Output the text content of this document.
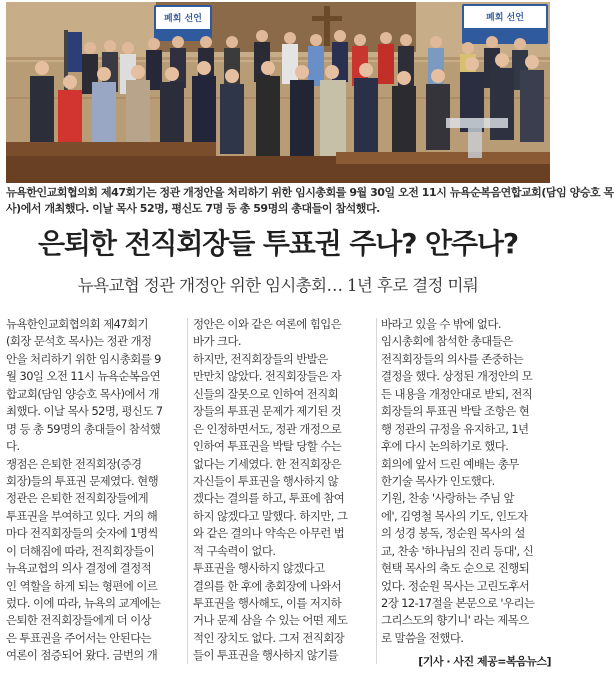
폐회 선언	폐회 선언
뉴욕한인교회협의회 제47회기는 정관 개정안을 처리하기 위한 임시총회를 9월 30일 오전 11시 뉴욕순복음연합교회(담임 양승호 목
사)에서 개최했다. 이날 목사 52명, 평신도 7명 등 총 59명의 총대들이 참석했다.
은퇴한 전직회장들 투표권 주나? 안주나?
뉴욕교협 정관 개정안 위한 임시총회… 1년 후로 결정 미뤄
뉴욕한인교회협의회 제47회기
(회장 문석호 목사)는 정관 개정
안을 처리하기 위한 임시총회를 9
월 30일 오전 11시 뉴욕순복음연
합교회(담임 양승호 목사)에서 개
최했다. 이날 목사 52명, 평신도 7
명 등 총 59명의 총대들이 참석했
다.
쟁점은 은퇴한 전직회장(증경
회장)들의 투표권 문제였다. 현행
정관은 은퇴한 전직회장들에게
투표권을 부여하고 있다. 거의 해
마다 전직회장들의 숫자에 1명씩
이 더해짐에 따라, 전직회장들이
뉴욕교협의 의사 결정에 결정적
인 역할을 하게 되는 형편에 이르
렀다. 이에 따라, 뉴욕의 교계에는
은퇴한 전직회장들에게 더 이상
은 투표권을 주어서는 안된다는
여론이 점증되어 왔다. 금번의 개
정안은 이와 같은 여론에 힘입은
바가 크다.
하지만, 전직회장들의 반발은
만만치 않았다. 전직회장들은 자
신들의 잘못으로 인하여 전직회
장들의 투표권 문제가 제기된 것
은 인정하면서도, 정관 개정으로
인하여 투표권을 박탈 당할 수는
없다는 기세였다. 한 전직회장은
자신들이 투표권을 행사하지 않
겠다는 결의를 하고, 투표에 참여
하지 않겠다고 말했다. 하지만, 그
와 같은 결의나 약속은 아무런 법
적 구속력이 없다.
투표권을 행사하지 않겠다고
결의를 한 후에 총회장에 나와서
투표권을 행사해도, 이를 저지하
거나 문제 삼을 수 있는 어떤 제도
적인 장치도 없다. 그저 전직회장
들이 투표권을 행사하지 않기를
바라고 있을 수 밖에 없다.
임시총회에 참석한 총대들은
전직회장들의 의사를 존중하는
결정을 했다. 상정된 개정안의 모
든 내용을 개정안대로 받되, 전직
회장들의 투표권 박탈 조항은 현
행 정관의 규정을 유지하고, 1년
후에 다시 논의하기로 했다.
회의에 앞서 드린 예배는 총무
한기술 목사가 인도했다.
기원, 찬송 '사랑하는 주님 앞
에', 김영철 목사의 기도, 인도자
의 성경 봉독, 정순원 목사의 설
교, 찬송 '하나님의 진리 등대', 신
현택 목사의 축도 순으로 진행되
었다. 정순원 목사는 고린도후서
2장 12-17절을 본문으로 '우리는
그리스도의 향기니' 라는 제목으
로 말씀을 전했다.
[기사 · 사진 제공=복음뉴스]
